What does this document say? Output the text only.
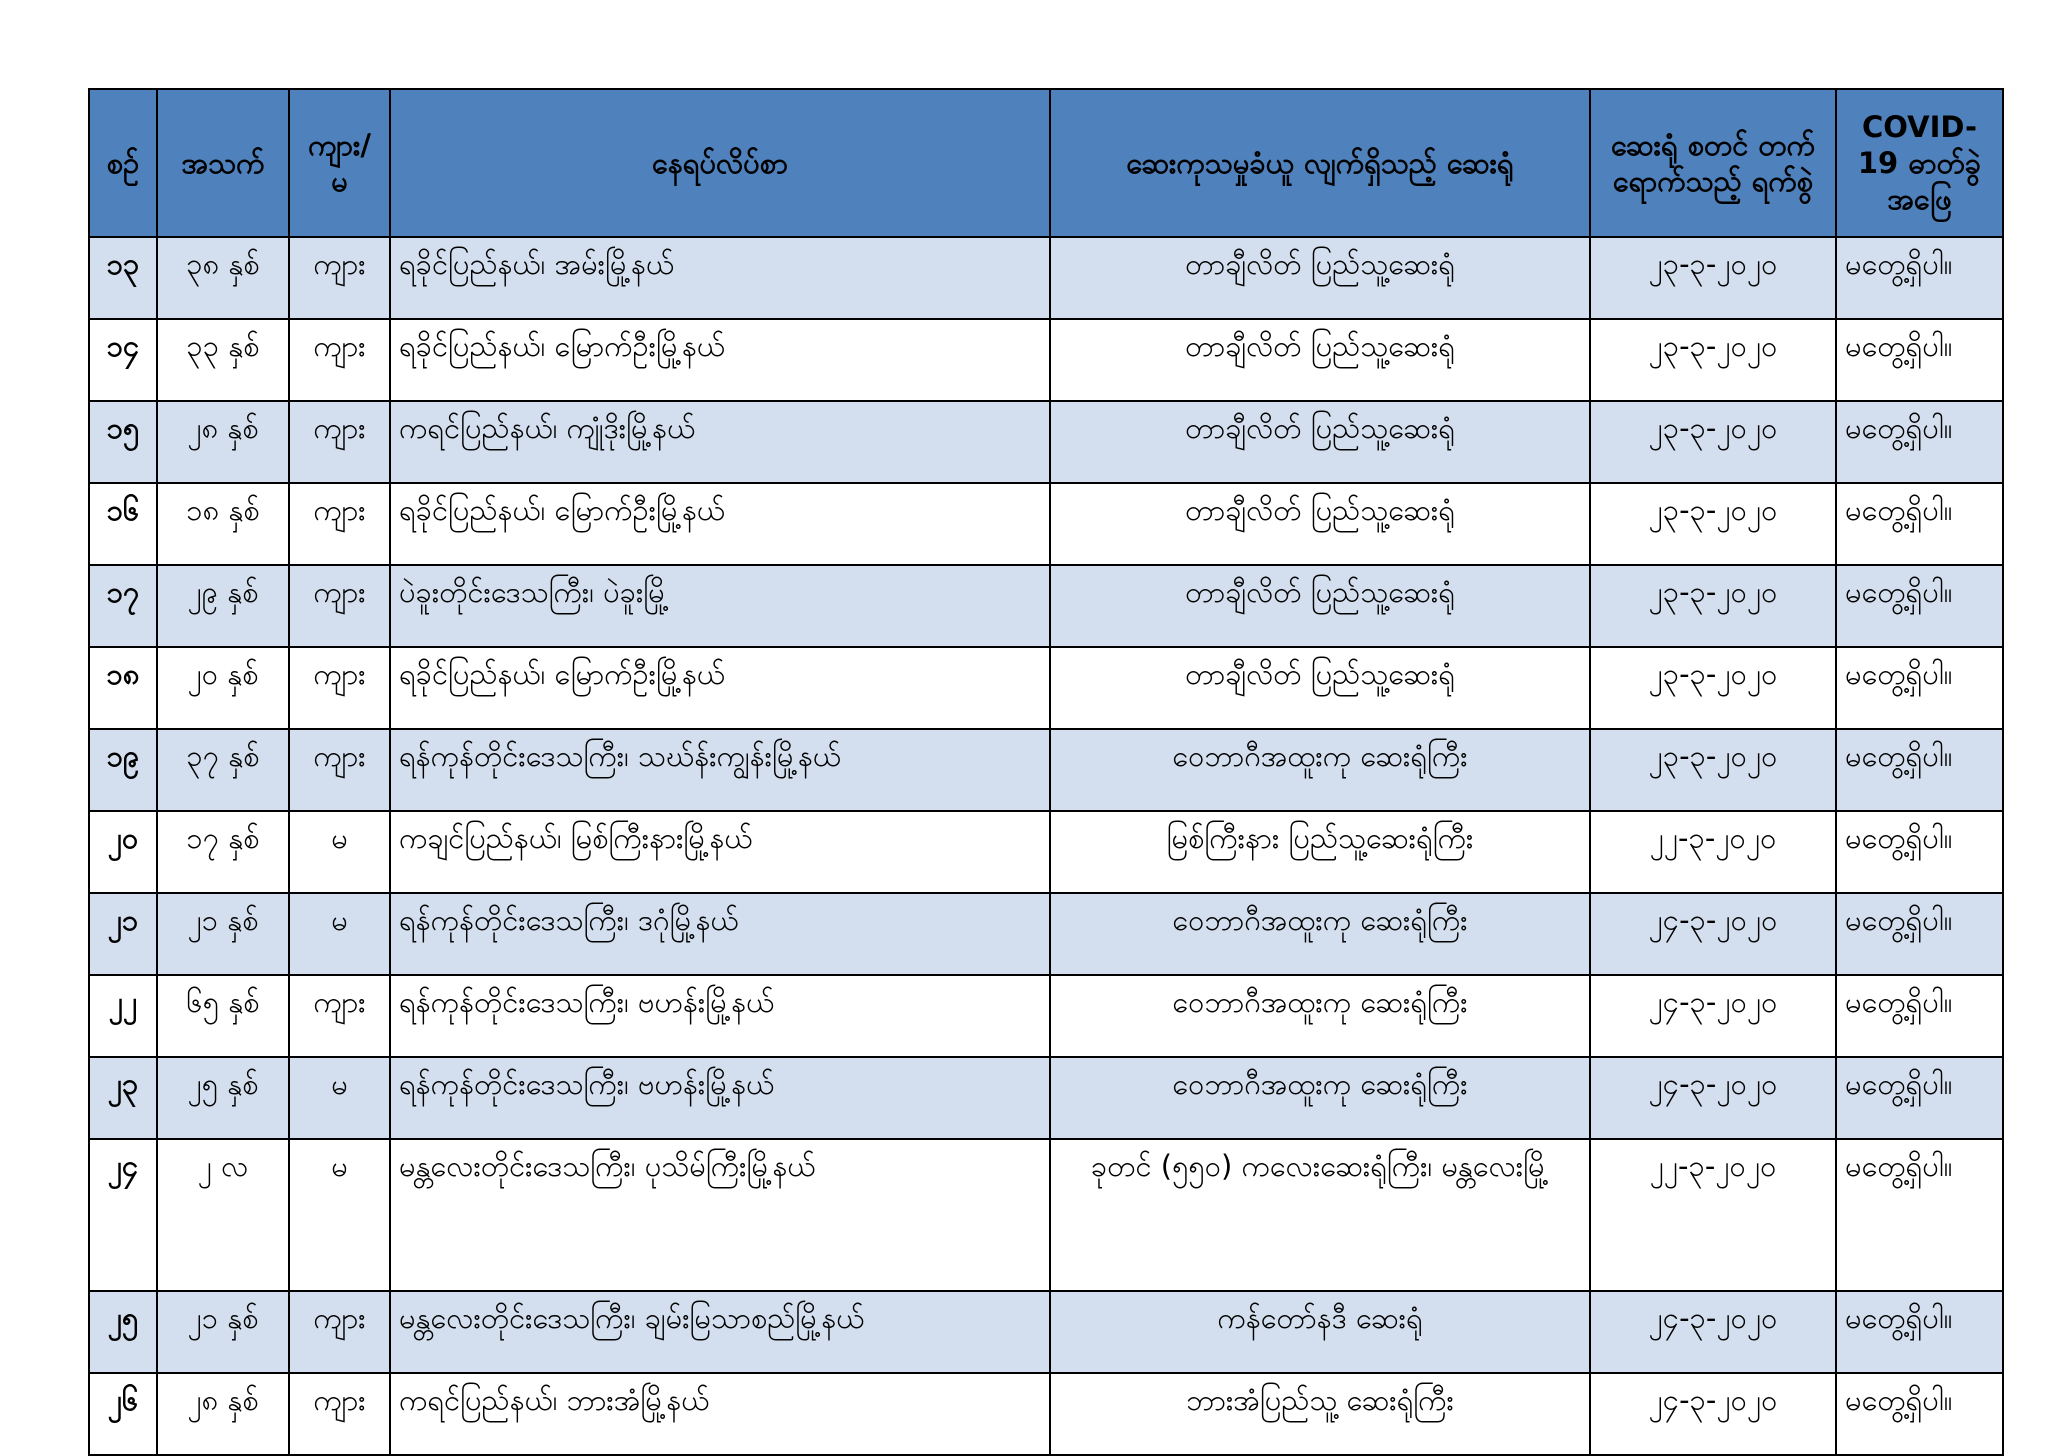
စဉ်	အသက်	ကျား/ မ	နေရပ်လိပ်စာ	ဆေးကုသမှုခံယူ လျက်ရှိသည့် ဆေးရုံ	ဆေးရုံ စတင် တက်ရောက်သည့် ရက်စွဲ	COVID-19 ဓာတ်ခွဲ အဖြေ
၁၃	၃၈ နှစ်	ကျား	ရခိုင်ပြည်နယ်၊ အမ်းမြို့နယ်	တာချီလိတ် ပြည်သူ့ဆေးရုံ	၂၃-၃-၂၀၂၀	မတွေ့ရှိပါ။
၁၄	၃၃ နှစ်	ကျား	ရခိုင်ပြည်နယ်၊ မြောက်ဦးမြို့နယ်	တာချီလိတ် ပြည်သူ့ဆေးရုံ	၂၃-၃-၂၀၂၀	မတွေ့ရှိပါ။
၁၅	၂၈ နှစ်	ကျား	ကရင်ပြည်နယ်၊ ကျုံဒိုးမြို့နယ်	တာချီလိတ် ပြည်သူ့ဆေးရုံ	၂၃-၃-၂၀၂၀	မတွေ့ရှိပါ။
၁၆	၁၈ နှစ်	ကျား	ရခိုင်ပြည်နယ်၊ မြောက်ဦးမြို့နယ်	တာချီလိတ် ပြည်သူ့ဆေးရုံ	၂၃-၃-၂၀၂၀	မတွေ့ရှိပါ။
၁၇	၂၉ နှစ်	ကျား	ပဲခူးတိုင်းဒေသကြီး၊ ပဲခူးမြို့	တာချီလိတ် ပြည်သူ့ဆေးရုံ	၂၃-၃-၂၀၂၀	မတွေ့ရှိပါ။
၁၈	၂၀ နှစ်	ကျား	ရခိုင်ပြည်နယ်၊ မြောက်ဦးမြို့နယ်	တာချီလိတ် ပြည်သူ့ဆေးရုံ	၂၃-၃-၂၀၂၀	မတွေ့ရှိပါ။
၁၉	၃၇ နှစ်	ကျား	ရန်ကုန်တိုင်းဒေသကြီး၊ သဃ်န်းကျွန်းမြို့နယ်	ဝေဘာဂီအထူးကု ဆေးရုံကြီး	၂၃-၃-၂၀၂၀	မတွေ့ရှိပါ။
၂၀	၁၇ နှစ်	မ	ကချင်ပြည်နယ်၊ မြစ်ကြီးနားမြို့နယ်	မြစ်ကြီးနား ပြည်သူ့ဆေးရုံကြီး	၂၂-၃-၂၀၂၀	မတွေ့ရှိပါ။
၂၁	၂၁ နှစ်	မ	ရန်ကုန်တိုင်းဒေသကြီး၊ ဒဂုံမြို့နယ်	ဝေဘာဂီအထူးကု ဆေးရုံကြီး	၂၄-၃-၂၀၂၀	မတွေ့ရှိပါ။
၂၂	၆၅ နှစ်	ကျား	ရန်ကုန်တိုင်းဒေသကြီး၊ ဗဟန်းမြို့နယ်	ဝေဘာဂီအထူးကု ဆေးရုံကြီး	၂၄-၃-၂၀၂၀	မတွေ့ရှိပါ။
၂၃	၂၅ နှစ်	မ	ရန်ကုန်တိုင်းဒေသကြီး၊ ဗဟန်းမြို့နယ်	ဝေဘာဂီအထူးကု ဆေးရုံကြီး	၂၄-၃-၂၀၂၀	မတွေ့ရှိပါ။
၂၄	၂ လ	မ	မန္တလေးတိုင်းဒေသကြီး၊ ပုသိမ်ကြီးမြို့နယ်	ခုတင် (၅၅၀) ကလေးဆေးရုံကြီး၊ မန္တလေးမြို့	၂၂-၃-၂၀၂၀	မတွေ့ရှိပါ။
၂၅	၂၁ နှစ်	ကျား	မန္တလေးတိုင်းဒေသကြီး၊ ချမ်းမြသာစည်မြို့နယ်	ကန်တော်နဒီ ဆေးရုံ	၂၄-၃-၂၀၂၀	မတွေ့ရှိပါ။
၂၆	၂၈ နှစ်	ကျား	ကရင်ပြည်နယ်၊ ဘားအံမြို့နယ်	ဘားအံပြည်သူ့ ဆေးရုံကြီး	၂၄-၃-၂၀၂၀	မတွေ့ရှိပါ။
